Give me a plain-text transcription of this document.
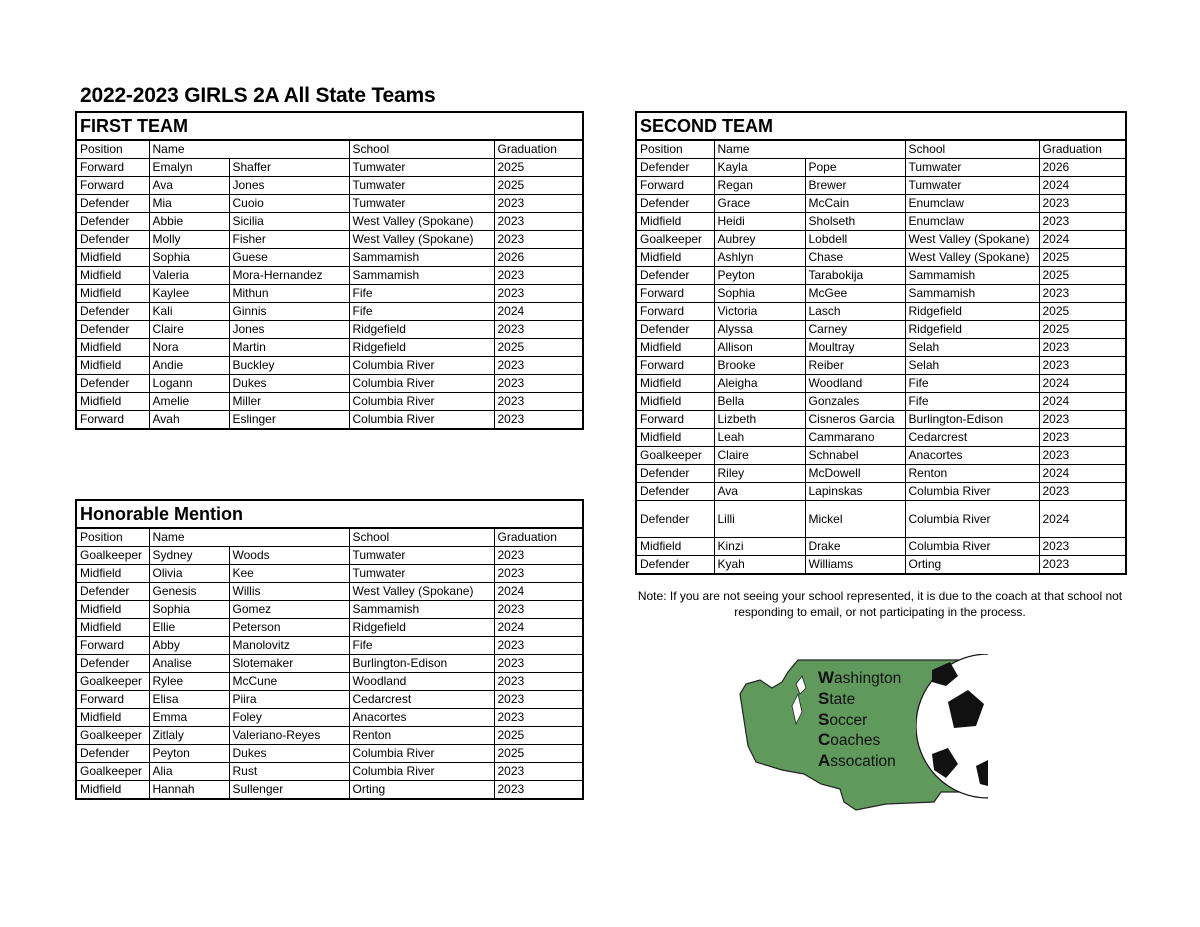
2022-2023 GIRLS 2A All State Teams
FIRST TEAM				
Position	Name		School	Graduation
Forward	Emalyn	Shaffer	Tumwater	2025
Forward	Ava	Jones	Tumwater	2025
Defender	Mia	Cuoio	Tumwater	2023
Defender	Abbie	Sicilia	West Valley (Spokane)	2023
Defender	Molly	Fisher	West Valley (Spokane)	2023
Midfield	Sophia	Guese	Sammamish	2026
Midfield	Valeria	Mora-Hernandez	Sammamish	2023
Midfield	Kaylee	Mithun	Fife	2023
Defender	Kali	Ginnis	Fife	2024
Defender	Claire	Jones	Ridgefield	2023
Midfield	Nora	Martin	Ridgefield	2025
Midfield	Andie	Buckley	Columbia River	2023
Defender	Logann	Dukes	Columbia River	2023
Midfield	Amelie	Miller	Columbia River	2023
Forward	Avah	Eslinger	Columbia River	2023
SECOND TEAM				
Position	Name		School	Graduation
Defender	Kayla	Pope	Tumwater	2026
Forward	Regan	Brewer	Tumwater	2024
Defender	Grace	McCain	Enumclaw	2023
Midfield	Heidi	Sholseth	Enumclaw	2023
Goalkeeper	Aubrey	Lobdell	West Valley (Spokane)	2024
Midfield	Ashlyn	Chase	West Valley (Spokane)	2025
Defender	Peyton	Tarabokija	Sammamish	2025
Forward	Sophia	McGee	Sammamish	2023
Forward	Victoria	Lasch	Ridgefield	2025
Defender	Alyssa	Carney	Ridgefield	2025
Midfield	Allison	Moultray	Selah	2023
Forward	Brooke	Reiber	Selah	2023
Midfield	Aleigha	Woodland	Fife	2024
Midfield	Bella	Gonzales	Fife	2024
Forward	Lizbeth	Cisneros Garcia	Burlington-Edison	2023
Midfield	Leah	Cammarano	Cedarcrest	2023
Goalkeeper	Claire	Schnabel	Anacortes	2023
Defender	Riley	McDowell	Renton	2024
Defender	Ava	Lapinskas	Columbia River	2023
Defender	Lilli	Mickel	Columbia River	2024
Midfield	Kinzi	Drake	Columbia River	2023
Defender	Kyah	Williams	Orting	2023
Honorable Mention				
Position	Name		School	Graduation
Goalkeeper	Sydney	Woods	Tumwater	2023
Midfield	Olivia	Kee	Tumwater	2023
Defender	Genesis	Willis	West Valley (Spokane)	2024
Midfield	Sophia	Gomez	Sammamish	2023
Midfield	Ellie	Peterson	Ridgefield	2024
Forward	Abby	Manolovitz	Fife	2023
Defender	Analise	Slotemaker	Burlington-Edison	2023
Goalkeeper	Rylee	McCune	Woodland	2023
Forward	Elisa	Piira	Cedarcrest	2023
Midfield	Emma	Foley	Anacortes	2023
Goalkeeper	Zitlaly	Valeriano-Reyes	Renton	2025
Defender	Peyton	Dukes	Columbia River	2025
Goalkeeper	Alia	Rust	Columbia River	2023
Midfield	Hannah	Sullenger	Orting	2023
Note: If you are not seeing your school represented, it is due to the coach at that school not
responding to email, or not participating in the process.
Washington
State
Soccer
Coaches
Assocation
